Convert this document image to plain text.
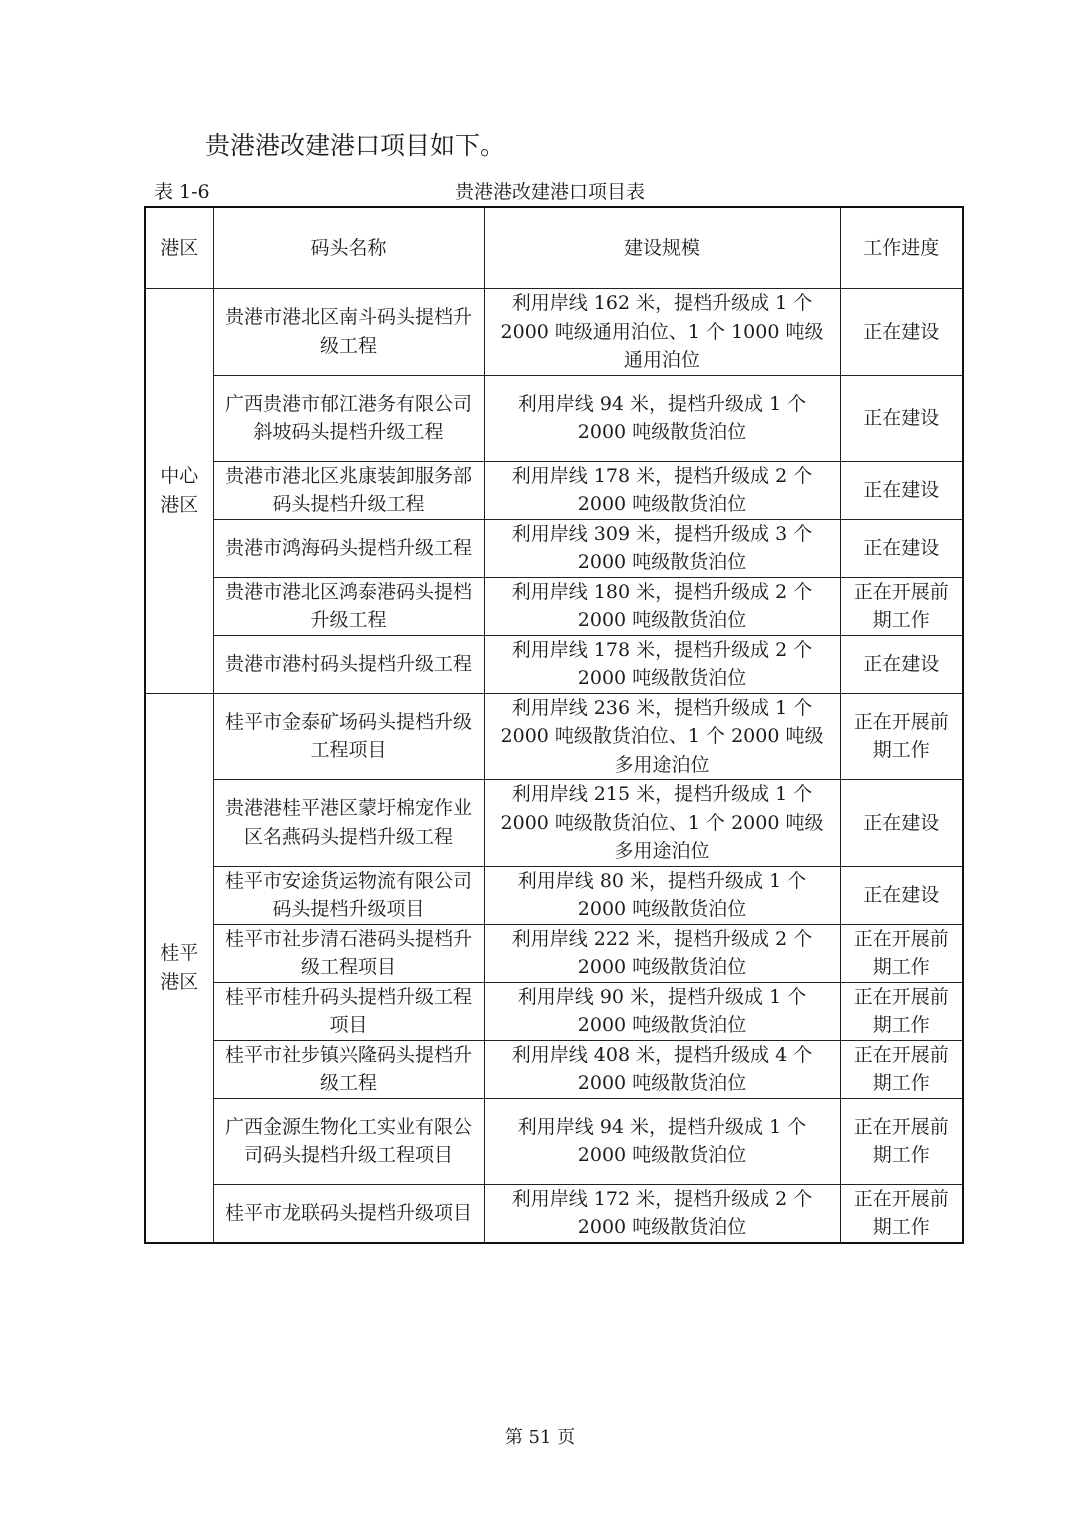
贵港港改建港口项目如下。

表 1-6	贵港港改建港口项目表
港区	码头名称	建设规模	工作进度
中心港区	贵港市港北区南斗码头提档升级工程	利用岸线 162 米，提档升级成 1 个 2000 吨级通用泊位、1 个 1000 吨级通用泊位	正在建设
	广西贵港市郁江港务有限公司斜坡码头提档升级工程	利用岸线 94 米，提档升级成 1 个 2000 吨级散货泊位	正在建设
	贵港市港北区兆康装卸服务部码头提档升级工程	利用岸线 178 米，提档升级成 2 个 2000 吨级散货泊位	正在建设
	贵港市鸿海码头提档升级工程	利用岸线 309 米，提档升级成 3 个 2000 吨级散货泊位	正在建设
	贵港市港北区鸿泰港码头提档升级工程	利用岸线 180 米，提档升级成 2 个 2000 吨级散货泊位	正在开展前期工作
	贵港市港村码头提档升级工程	利用岸线 178 米，提档升级成 2 个 2000 吨级散货泊位	正在建设
桂平港区	桂平市金泰矿场码头提档升级工程项目	利用岸线 236 米，提档升级成 1 个 2000 吨级散货泊位、1 个 2000 吨级多用途泊位	正在开展前期工作
	贵港港桂平港区蒙圩棉宠作业区名燕码头提档升级工程	利用岸线 215 米，提档升级成 1 个 2000 吨级散货泊位、1 个 2000 吨级多用途泊位	正在建设
	桂平市安途货运物流有限公司码头提档升级项目	利用岸线 80 米，提档升级成 1 个 2000 吨级散货泊位	正在建设
	桂平市社步清石港码头提档升级工程项目	利用岸线 222 米，提档升级成 2 个 2000 吨级散货泊位	正在开展前期工作
	桂平市桂升码头提档升级工程项目	利用岸线 90 米，提档升级成 1 个 2000 吨级散货泊位	正在开展前期工作
	桂平市社步镇兴隆码头提档升级工程	利用岸线 408 米，提档升级成 4 个 2000 吨级散货泊位	正在开展前期工作
	广西金源生物化工实业有限公司码头提档升级工程项目	利用岸线 94 米，提档升级成 1 个 2000 吨级散货泊位	正在开展前期工作
	桂平市龙联码头提档升级项目	利用岸线 172 米，提档升级成 2 个 2000 吨级散货泊位	正在开展前期工作
第 51 页
